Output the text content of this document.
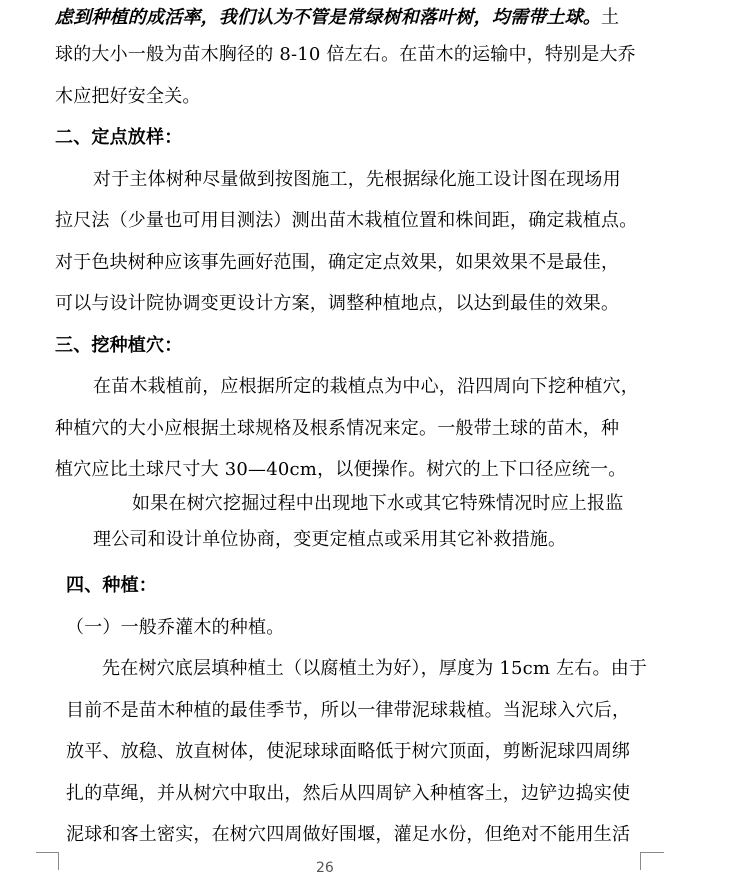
虑到种植的成活率，我们认为不管是常绿树和落叶树，均需带土球。土
球的大小一般为苗木胸径的 8-10 倍左右。在苗木的运输中，特别是大乔
木应把好安全关。
二、定点放样：
对于主体树种尽量做到按图施工，先根据绿化施工设计图在现场用
拉尺法（少量也可用目测法）测出苗木栽植位置和株间距，确定栽植点。
对于色块树种应该事先画好范围，确定定点效果，如果效果不是最佳，
可以与设计院协调变更设计方案，调整种植地点，以达到最佳的效果。
三、挖种植穴：
在苗木栽植前，应根据所定的栽植点为中心，沿四周向下挖种植穴，
种植穴的大小应根据土球规格及根系情况来定。一般带土球的苗木，种
植穴应比土球尺寸大 30—40cm，以便操作。树穴的上下口径应统一。
如果在树穴挖掘过程中出现地下水或其它特殊情况时应上报监
理公司和设计单位协商，变更定植点或采用其它补救措施。
四、种植：
（一）一般乔灌木的种植。
先在树穴底层填种植土（以腐植土为好），厚度为 15cm 左右。由于
目前不是苗木种植的最佳季节，所以一律带泥球栽植。当泥球入穴后，
放平、放稳、放直树体，使泥球球面略低于树穴顶面，剪断泥球四周绑
扎的草绳，并从树穴中取出，然后从四周铲入种植客土，边铲边捣实使
泥球和客土密实，在树穴四周做好围堰，灌足水份，但绝对不能用生活
26
